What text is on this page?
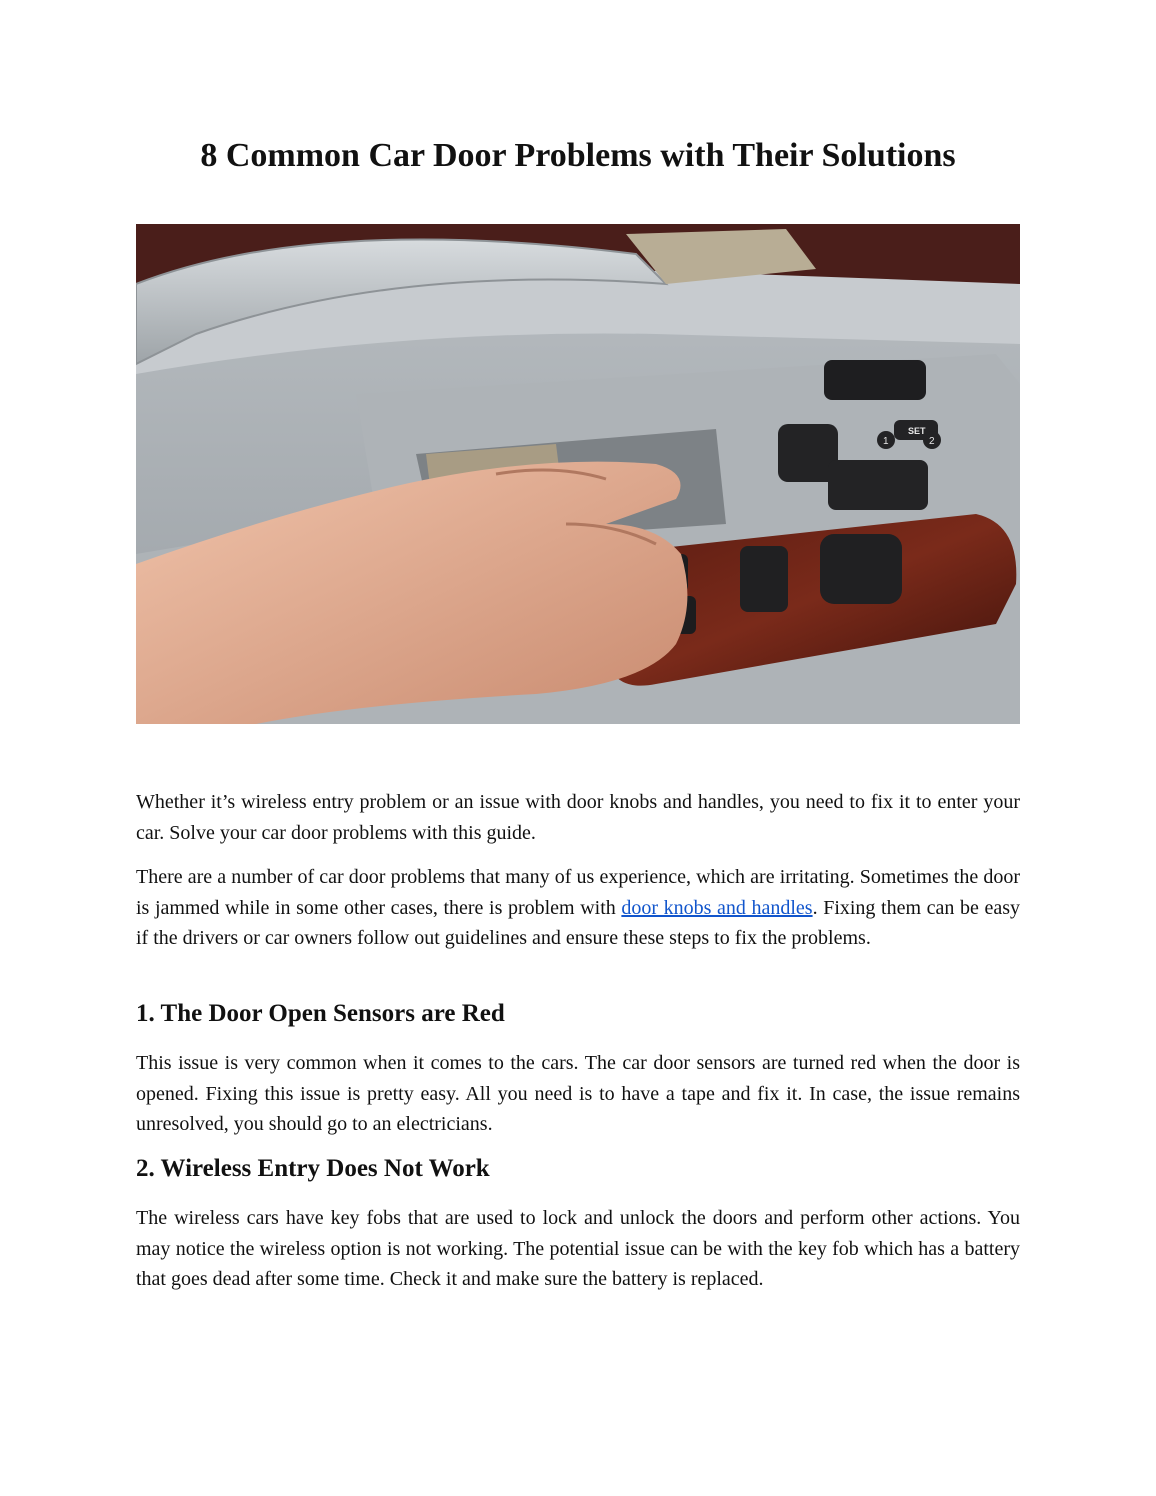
8 Common Car Door Problems with Their Solutions
SET
1	2

Whether it’s wireless entry problem or an issue with door knobs and handles, you need to fix it to enter your car. Solve your car door problems with this guide.

There are a number of car door problems that many of us experience, which are irritating. Sometimes the door is jammed while in some other cases, there is problem with door knobs and handles. Fixing them can be easy if the drivers or car owners follow out guidelines and ensure these steps to fix the problems.

1. The Door Open Sensors are Red

This issue is very common when it comes to the cars. The car door sensors are turned red when the door is opened. Fixing this issue is pretty easy. All you need is to have a tape and fix it. In case, the issue remains unresolved, you should go to an electricians.

2. Wireless Entry Does Not Work

The wireless cars have key fobs that are used to lock and unlock the doors and perform other actions. You may notice the wireless option is not working. The potential issue can be with the key fob which has a battery that goes dead after some time. Check it and make sure the battery is replaced.
